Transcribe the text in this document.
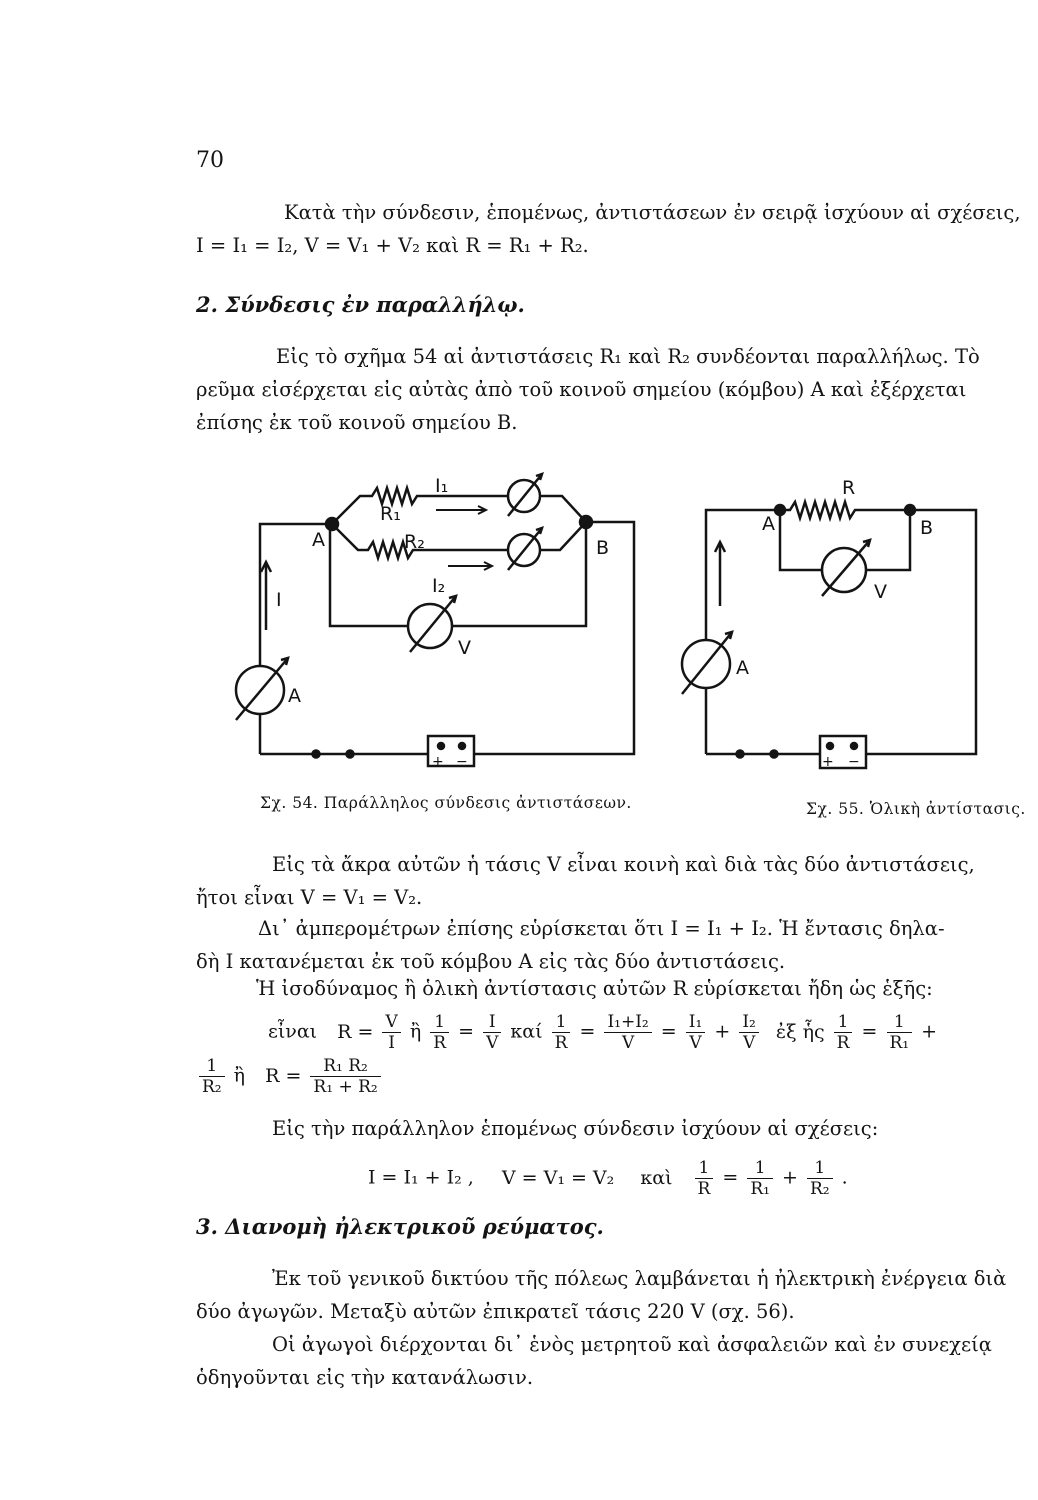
70
Κατὰ τὴν σύνδεσιν, ἑπομένως, ἀντιστάσεων ἐν σειρᾷ ἰσχύουν αἱ σχέσεις,
I = I₁ = I₂, V = V₁ + V₂ καὶ R = R₁ + R₂.
2. Σύνδεσις ἐν παραλλήλῳ.
Εἰς τὸ σχῆμα 54 αἱ ἀντιστάσεις R₁ καὶ R₂ συνδέονται παραλλήλως. Τὸ
ρεῦμα εἰσέρχεται εἰς αὐτὰς ἀπὸ τοῦ κοινοῦ σημείου (κόμβου) Α καὶ ἐξέρχεται
ἐπίσης ἐκ τοῦ κοινοῦ σημείου Β.
I₁
I₂
R₁
R₂
A	B
I
V
A
+ −
Σχ. 54. Παράλληλος σύνδεσις ἀντιστάσεων.
R
A	B
V
A
+ −
Σχ. 55. Ὁλικὴ ἀντίστασις.
Εἰς τὰ ἄκρα αὐτῶν ἡ τάσις V εἶναι κοινὴ καὶ διὰ τὰς δύο ἀντιστάσεις,
ἤτοι εἶναι V = V₁ = V₂.
Δι᾿ ἀμπερομέτρων ἐπίσης εὑρίσκεται ὅτι I = I₁ + I₂. Ἡ ἔντασις δηλα-
δὴ I κατανέμεται ἐκ τοῦ κόμβου Α εἰς τὰς δύο ἀντιστάσεις.
Ἡ ἰσοδύναμος ἢ ὁλικὴ ἀντίστασις αὐτῶν R εὑρίσκεται ἤδη ὡς ἑξῆς:
εἶναι $R = \frac{V}{I}$ ἢ $\frac{1}{R} = \frac{I}{V}$ καί $\frac{1}{R} = \frac{\text{I₁+I₂}}{V} = \frac{\text{I₁}}{V} + \frac{\text{I₂}}{V}$ ἐξ ἧς $\frac{1}{R} = \frac{1}{\text{R₁}}$ +
$\frac{1}{\text{R₂}}$ ἢ $R = \frac{\text{R₁ R₂}}{\text{R₁ + R₂}}$
Εἰς τὴν παράλληλον ἑπομένως σύνδεσιν ἰσχύουν αἱ σχέσεις:
I = I₁ + I₂ , V = V₁ = V₂ καὶ $\frac{1}{R} = \frac{1}{\text{R₁}} + \frac{1}{\text{R₂}}$ .
3. Διανομὴ ἠλεκτρικοῦ ρεύματος.
Ἐκ τοῦ γενικοῦ δικτύου τῆς πόλεως λαμβάνεται ἡ ἠλεκτρικὴ ἐνέργεια διὰ
δύο ἀγωγῶν. Μεταξὺ αὐτῶν ἐπικρατεῖ τάσις 220 V (σχ. 56).
Οἱ ἀγωγοὶ διέρχονται δι᾿ ἑνὸς μετρητοῦ καὶ ἀσφαλειῶν καὶ ἐν συνεχείᾳ
ὁδηγοῦνται εἰς τὴν κατανάλωσιν.
